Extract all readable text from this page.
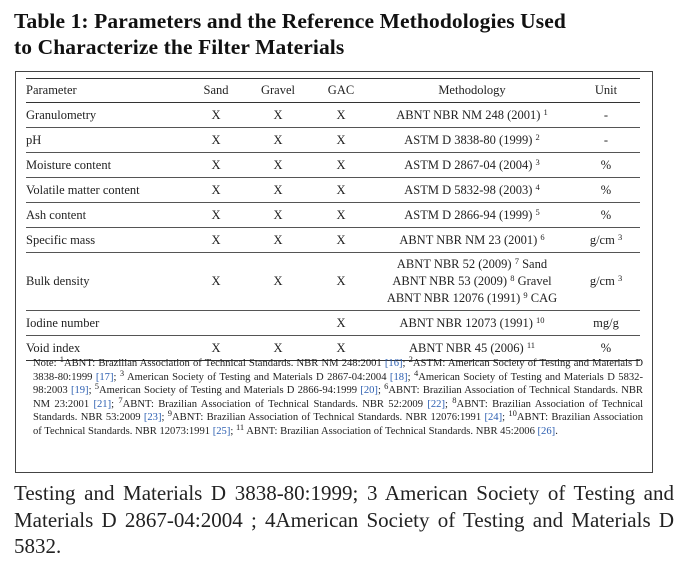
Table 1: Parameters and the Reference Methodologies Used
to Characterize the Filter Materials
Parameter	Sand	Gravel	GAC	Methodology	Unit
Granulometry	X	X	X	ABNT NBR NM 248 (2001) $^1$	-
pH	X	X	X	ASTM D 3838-80 (1999) $^2$	-
Moisture content	X	X	X	ASTM D 2867-04 (2004) $^3$	%
Volatile matter content	X	X	X	ASTM D 5832-98 (2003) $^4$	%
Ash content	X	X	X	ASTM D 2866-94 (1999) $^5$	%
Specific mass	X	X	X	ABNT NBR NM 23 (2001) $^6$	g/cm $^3$
Bulk density	X	X	X	ABNT NBR 52 (2009) $^7$ Sand
ABNT NBR 53 (2009) $^8$ Gravel
ABNT NBR 12076 (1991) $^9$ CAG	g/cm $^3$
Iodine number			X	ABNT NBR 12073 (1991) $^{10}$	mg/g
Void index	X	X	X	ABNT NBR 45 (2006) $^{11}$	%
Note: $^1$ABNT: Brazilian Association of Technical Standards. NBR NM 248:2001 [16]; $^2$ASTM: American Society of Testing and Materials D 3838-80:1999 [17]; $^3$ American Society of Testing and Materials D 2867-04:2004 [18]; $^4$American Society of Testing and Materials D 5832-98:2003 [19]; $^5$American Society of Testing and Materials D 2866-94:1999 [20]; $^6$ABNT: Brazilian Association of Technical Standards. NBR NM 23:2001 [21]; $^7$ABNT: Brazilian Association of Technical Standards. NBR 52:2009 [22]; $^8$ABNT: Brazilian Association of Technical Standards. NBR 53:2009 [23]; $^9$ABNT: Brazilian Association of Technical Standards. NBR 12076:1991 [24]; $^{10}$ABNT: Brazilian Association of Technical Standards. NBR 12073:1991 [25]; $^{11}$ ABNT: Brazilian Association of Technical Standards. NBR 45:2006 [26].
Testing and Materials D 3838-80:1999; 3 American Society of Testing and Materials D 2867-04:2004 ; 4American Society of Testing and Materials D 5832.
